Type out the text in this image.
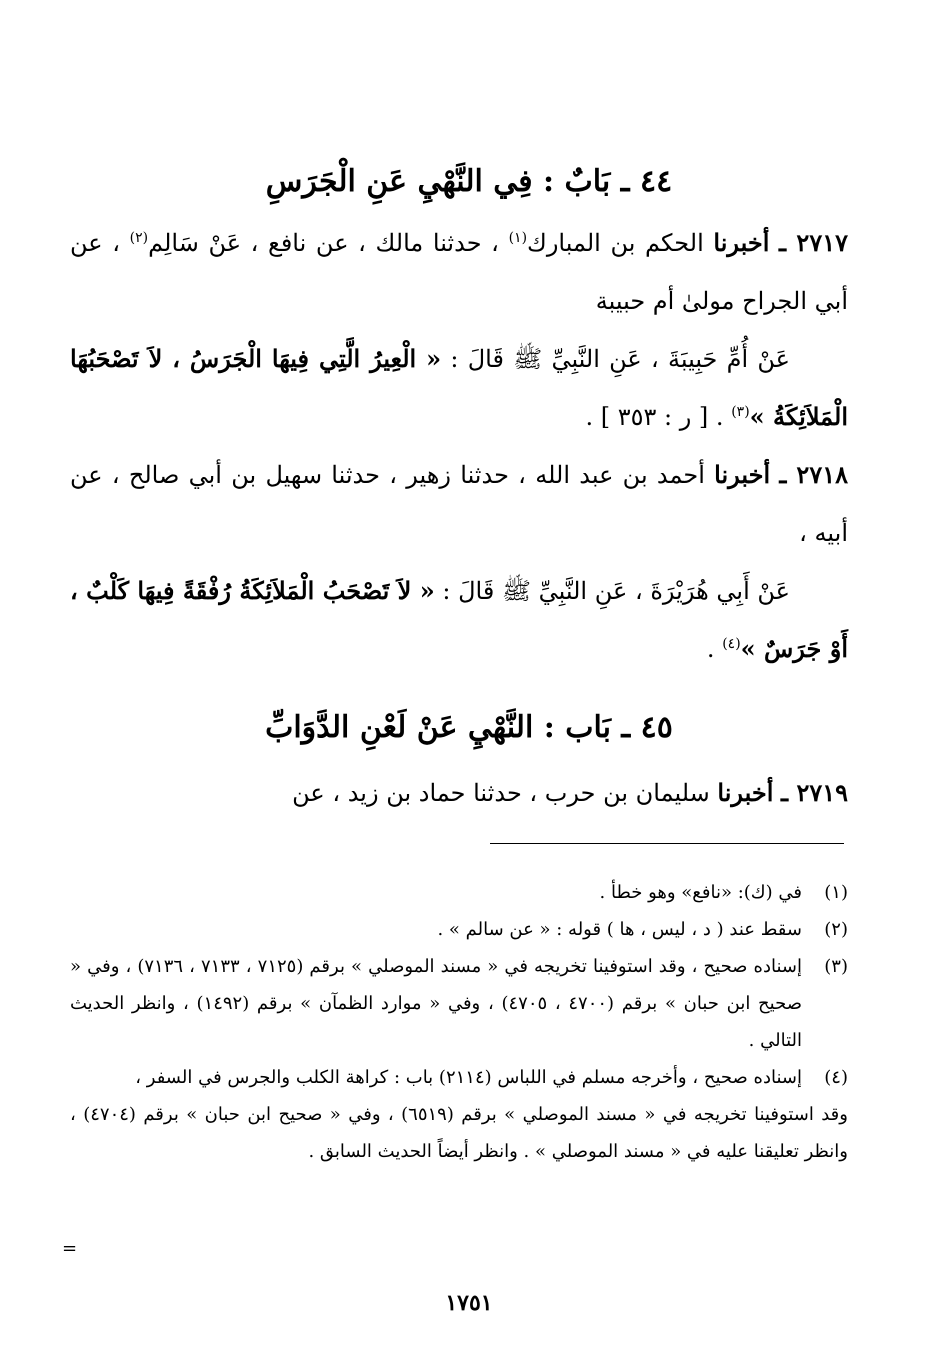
٤٤ ـ بَابٌ : فِي النَّهْيِ عَنِ الْجَرَسِ
٢٧١٧ ـ أخبرنا الحكم بن المبارك$^{(١)}$ ، حدثنا مالك ، عن نافع ، عَنْ سَالِم$^{(٢)}$ ، عن أبي الجراح مولىٰ أم حبيبة
عَنْ أُمِّ حَبِيبَةَ ، عَنِ النَّبِيِّ ﷺ قَالَ : « الْعِيرُ الَّتِي فِيهَا الْجَرَسُ ، لاَ تَصْحَبُهَا الْمَلاَئِكَةُ »$^{(٣)}$ . [ ر : ٣٥٣ ] .
٢٧١٨ ـ أخبرنا أحمد بن عبد الله ، حدثنا زهير ، حدثنا سهيل بن أبي صالح ، عن أبيه ،
عَنْ أَبِي هُرَيْرَةَ ، عَنِ النَّبِيِّ ﷺ قَالَ : « لاَ تَصْحَبُ الْمَلاَئِكَةُ رُفْقَةً فِيهَا كَلْبٌ ، أَوْ جَرَسٌ »$^{(٤)}$ .
٤٥ ـ بَاب : النَّهْيِ عَنْ لَعْنِ الدَّوَابِّ
٢٧١٩ ـ أخبرنا سليمان بن حرب ، حدثنا حماد بن زيد ، عن
(١)
في (ك): «نافع» وهو خطأ .
(٢)
سقط عند ( د ، ليس ، ها ) قوله : « عن سالم » .
(٣)
إسناده صحيح ، وقد استوفينا تخريجه في « مسند الموصلي » برقم (٧١٢٥ ، ٧١٣٣ ، ٧١٣٦) ، وفي « صحيح ابن حبان » برقم (٤٧٠٠ ، ٤٧٠٥) ، وفي « موارد الظمآن » برقم (١٤٩٢) ، وانظر الحديث التالي .
(٤)
إسناده صحيح ، وأخرجه مسلم في اللباس (٢١١٤) باب : كراهة الكلب والجرس في السفر ،
وقد استوفينا تخريجه في « مسند الموصلي » برقم (٦٥١٩) ، وفي « صحيح ابن حبان » برقم (٤٧٠٤) ، وانظر تعليقنا عليه في « مسند الموصلي » . وانظر أيضاً الحديث السابق .
=
١٧٥١
